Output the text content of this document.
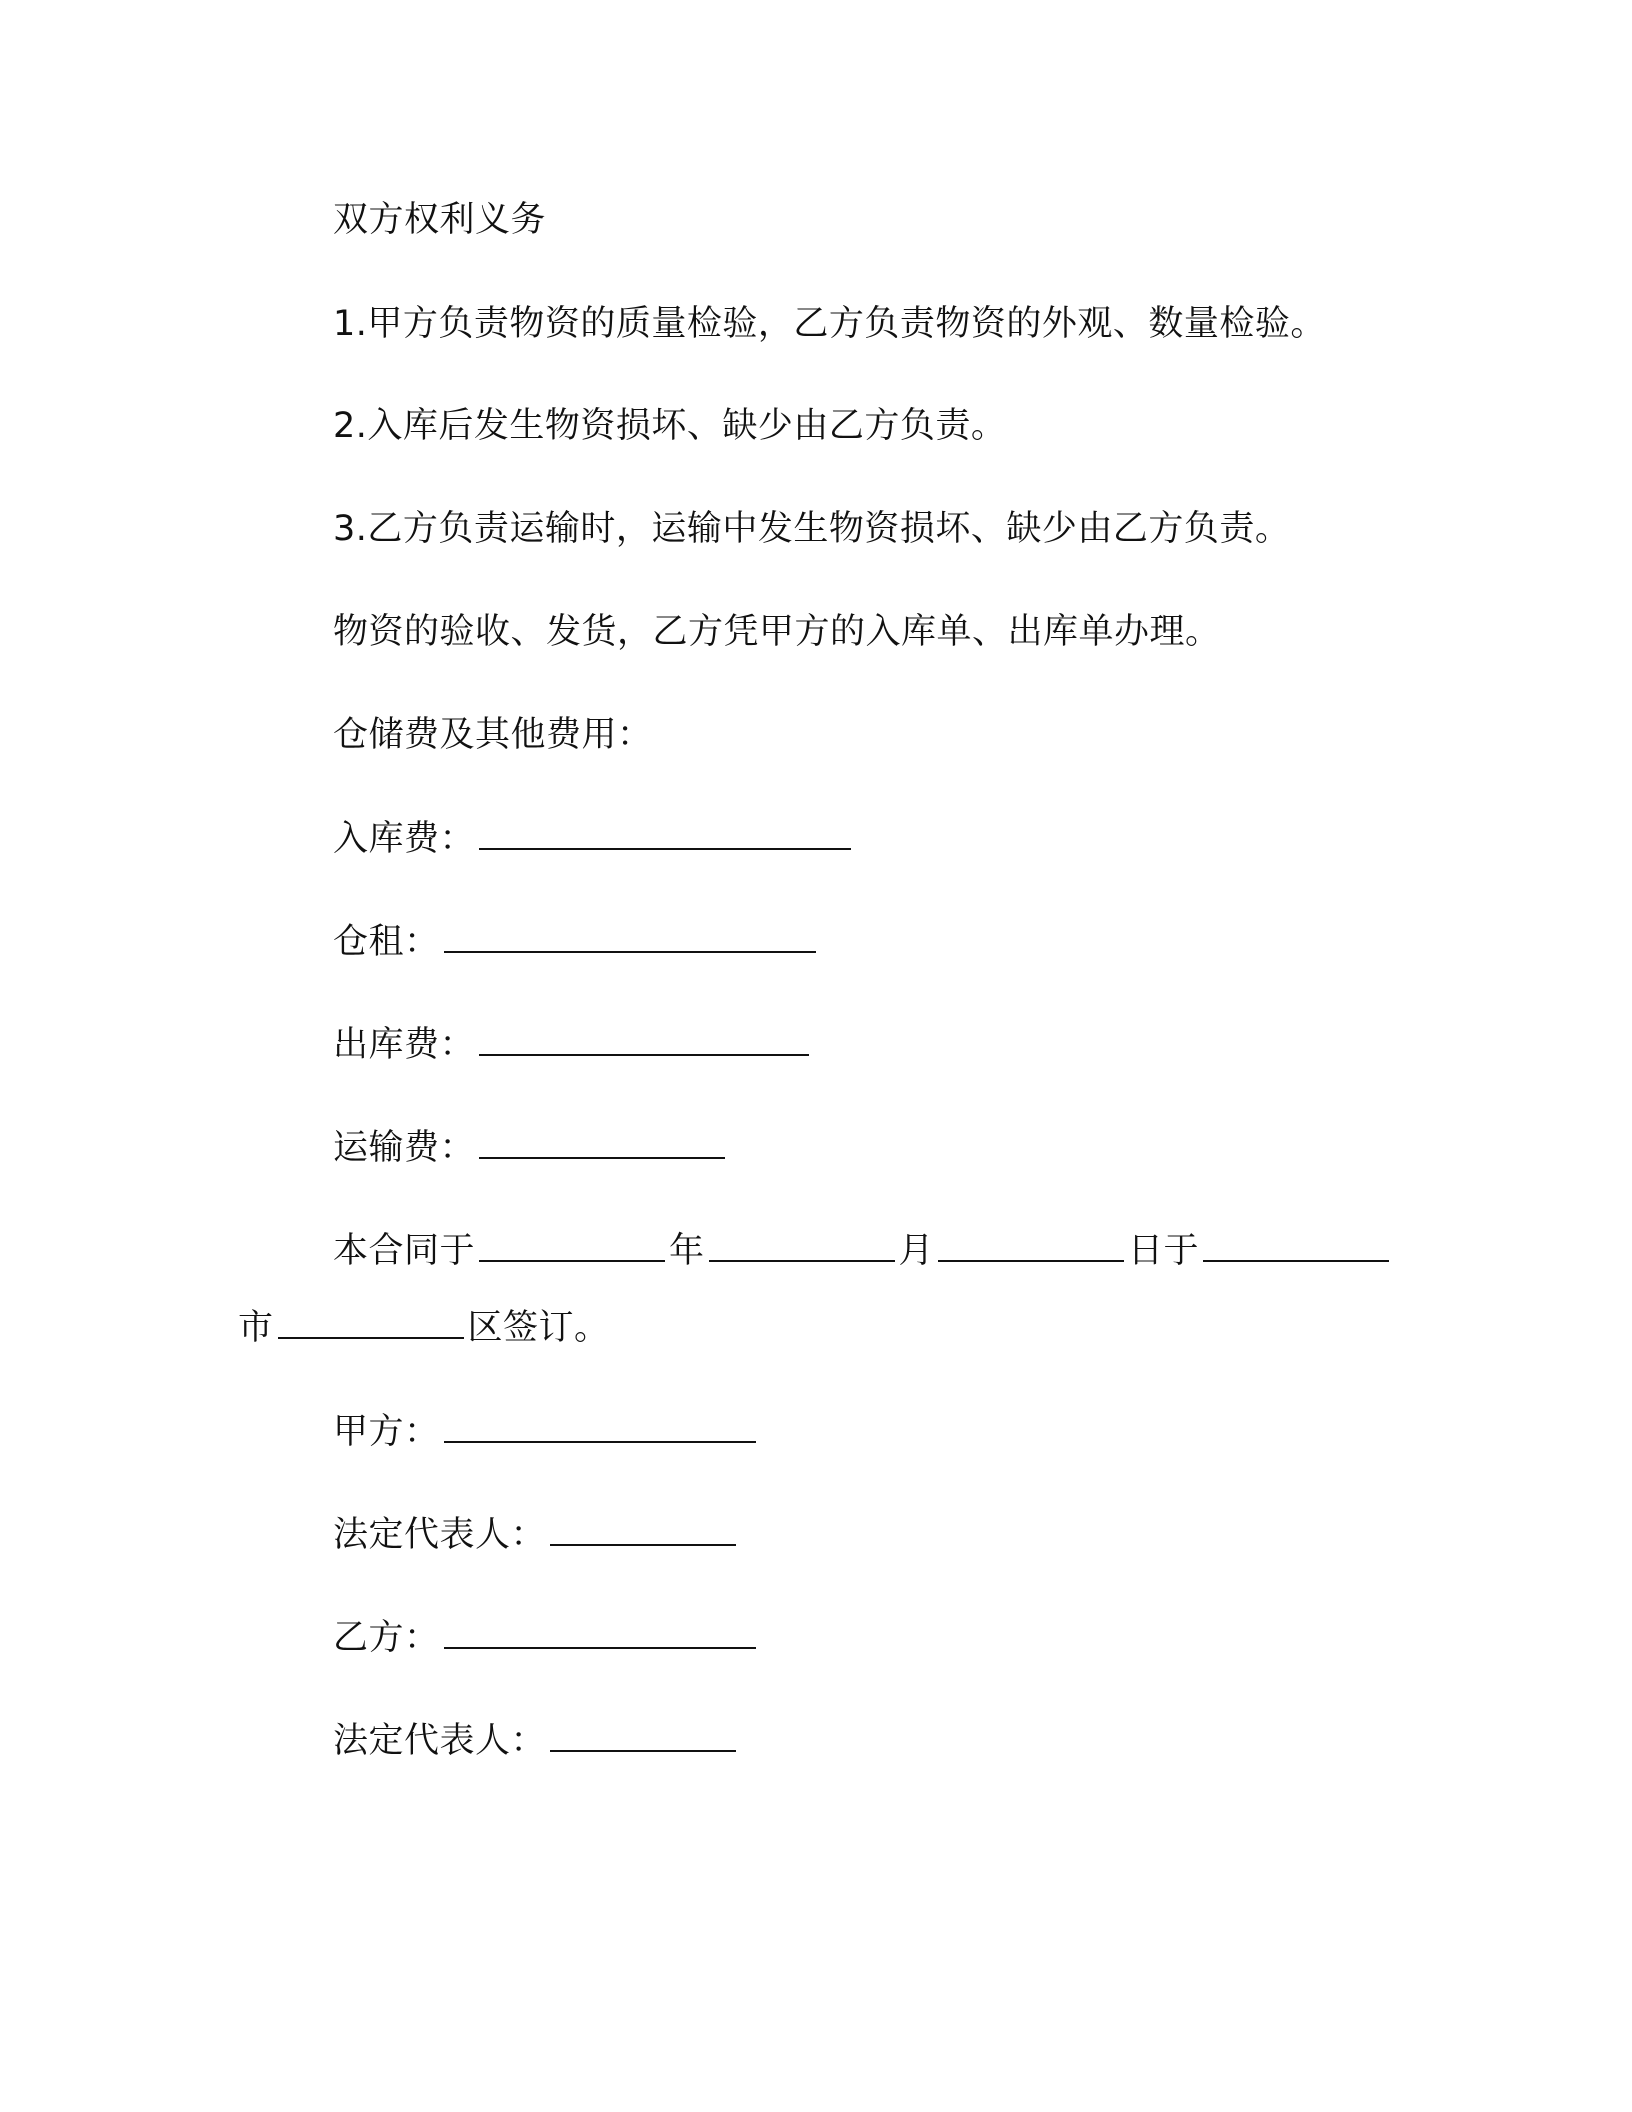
双方权利义务
1.甲方负责物资的质量检验，乙方负责物资的外观、数量检验。
2.入库后发生物资损坏、缺少由乙方负责。
3.乙方负责运输时，运输中发生物资损坏、缺少由乙方负责。
物资的验收、发货，乙方凭甲方的入库单、出库单办理。
仓储费及其他费用：
入库费：
仓租：
出库费：
运输费：
本合同于	年	月	日于
市	区签订。
甲方：
法定代表人：
乙方：
法定代表人：
